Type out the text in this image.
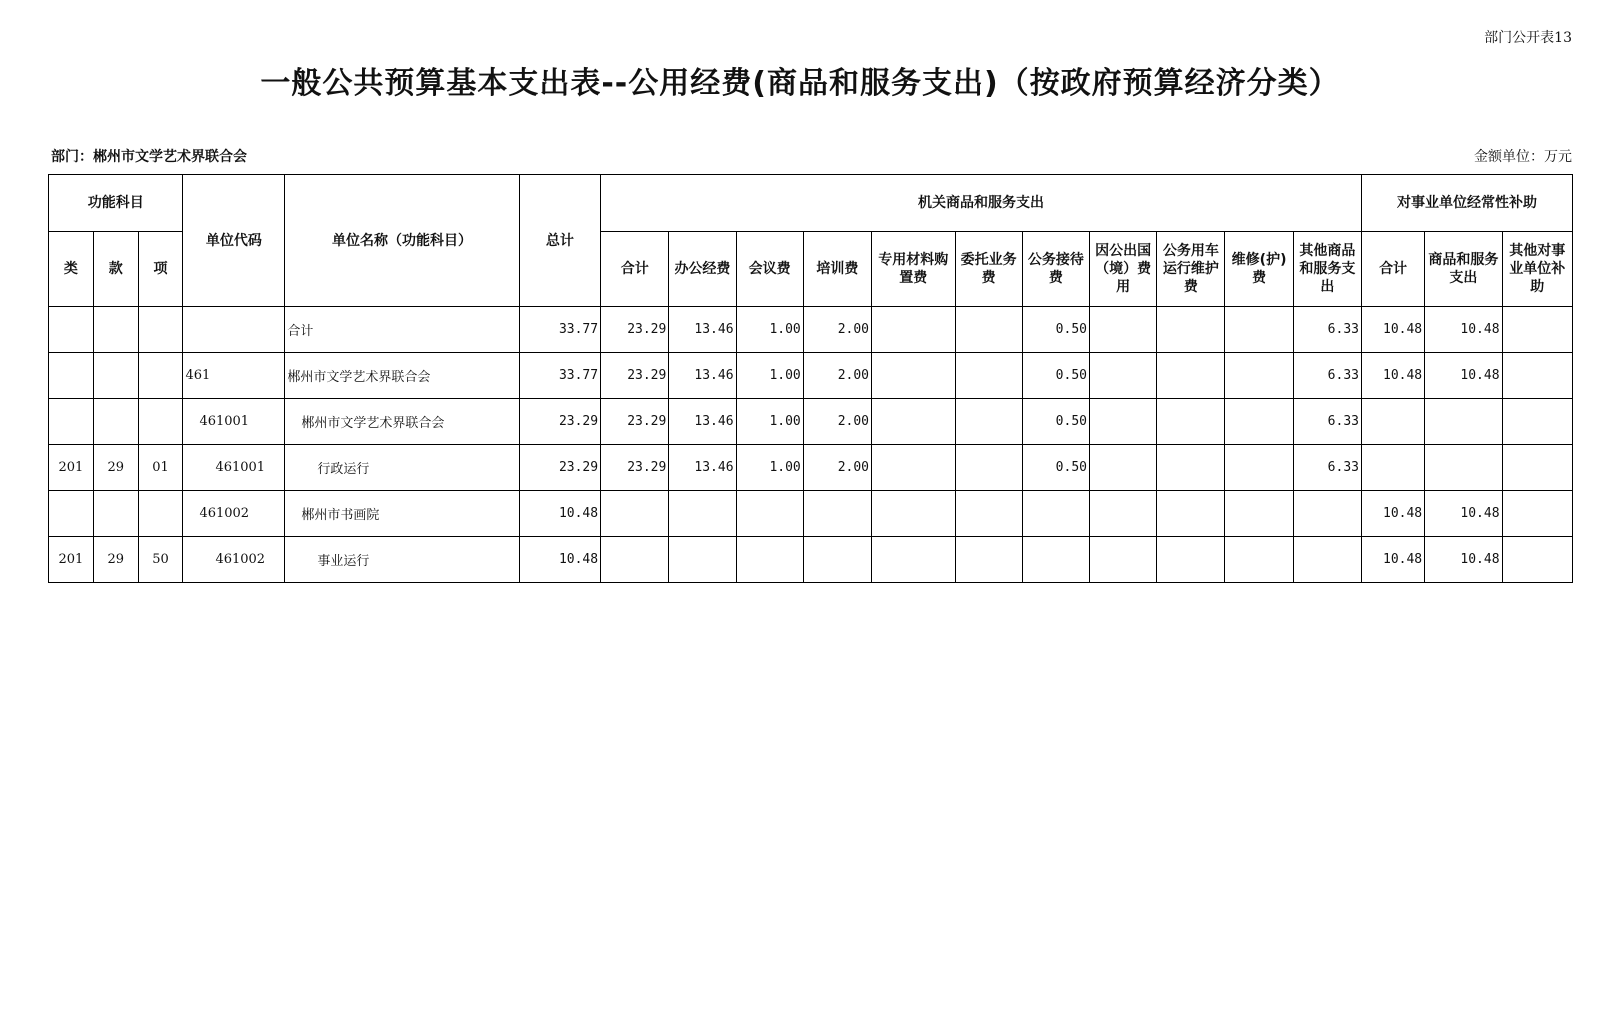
部门公开表13
一般公共预算基本支出表--公用经费(商品和服务支出)（按政府预算经济分类）
部门：郴州市文学艺术界联合会	金额单位：万元
功能科目			单位代码	单位名称（功能科目）	总计	机关商品和服务支出											对事业单位经常性补助		
类	款	项				合计	办公经费	会议费	培训费	专用材料购置费	委托业务费	公务接待费	因公出国（境）费用	公务用车运行维护费	维修(护)费	其他商品和服务支出	合计	商品和服务支出	其他对事业单位补助
				合计	33.77	23.29	13.46	1.00	2.00			0.50				6.33	10.48	10.48	
			461	郴州市文学艺术界联合会	33.77	23.29	13.46	1.00	2.00			0.50				6.33	10.48	10.48	
			461001	郴州市文学艺术界联合会	23.29	23.29	13.46	1.00	2.00			0.50				6.33			
201	29	01	461001	行政运行	23.29	23.29	13.46	1.00	2.00			0.50				6.33			
			461002	郴州市书画院	10.48												10.48	10.48	
201	29	50	461002	事业运行	10.48												10.48	10.48	
